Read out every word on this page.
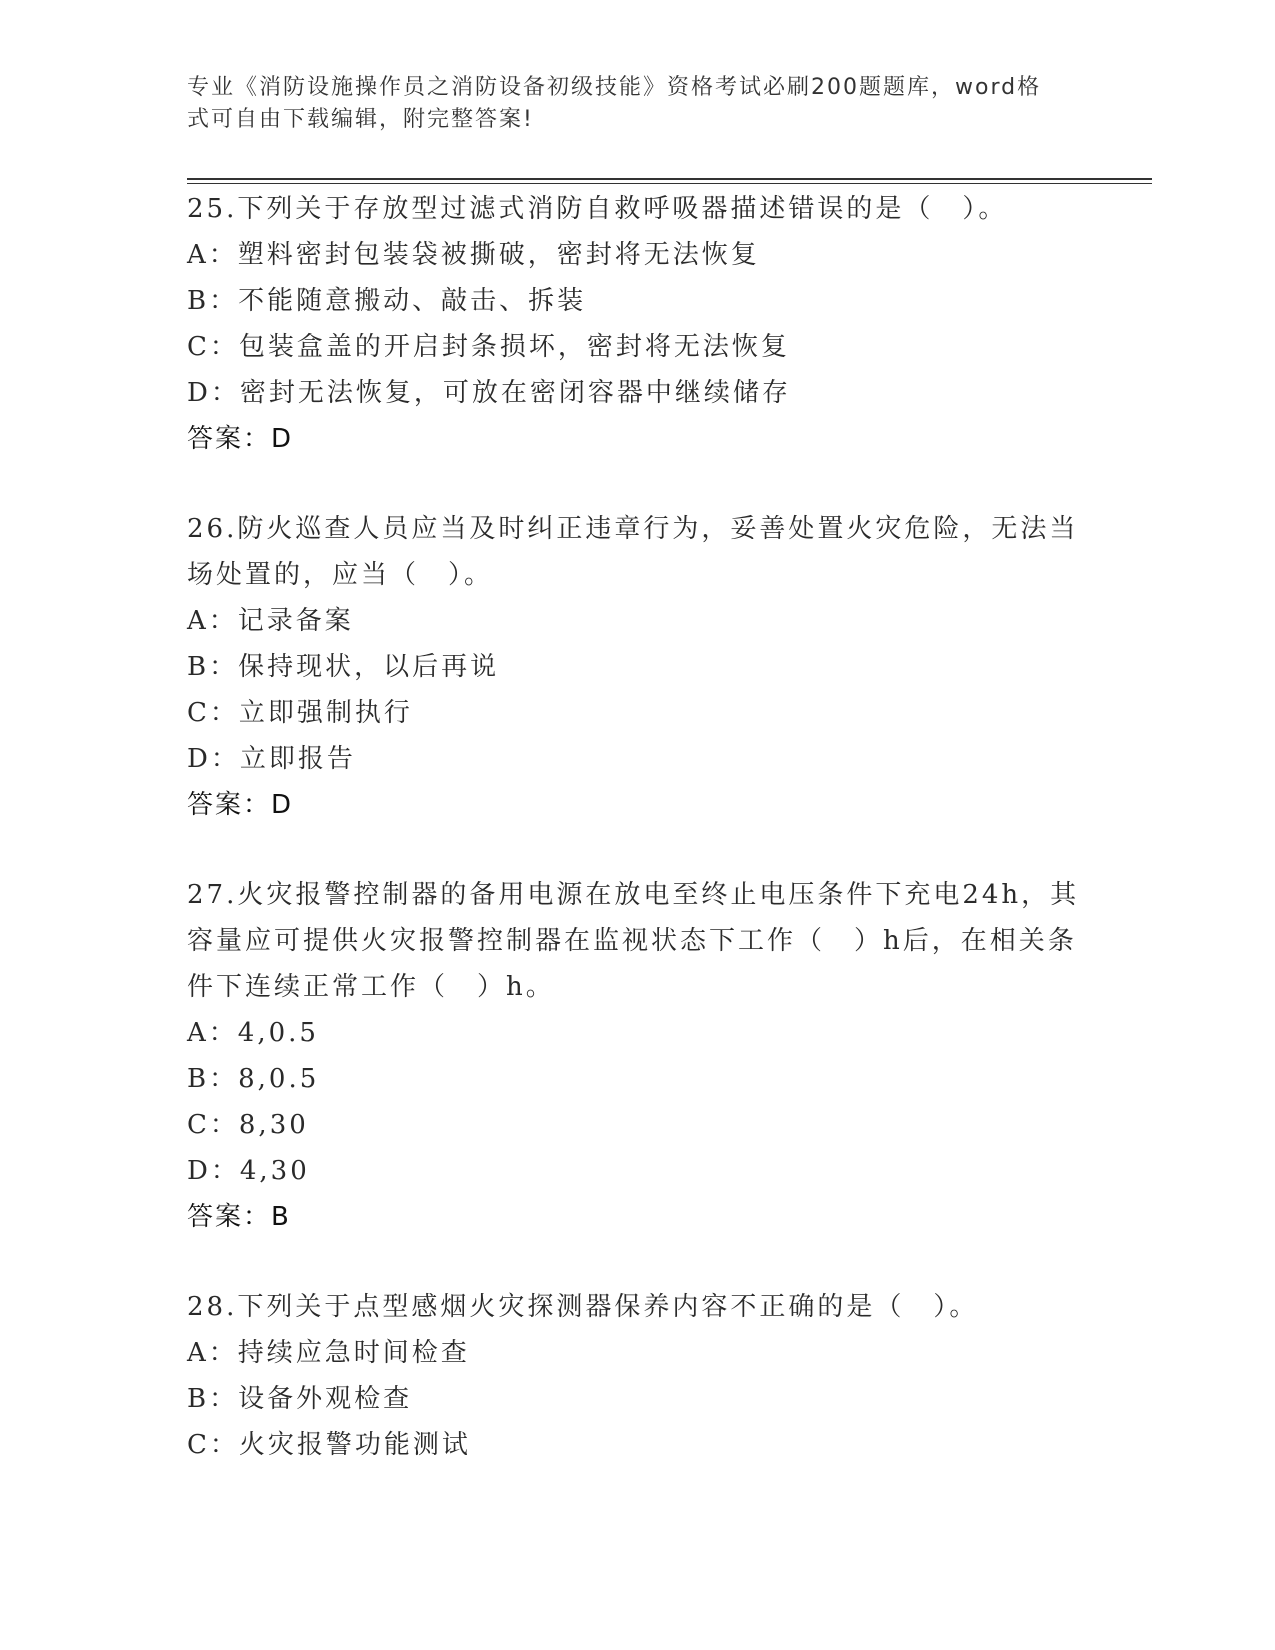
专业《消防设施操作员之消防设备初级技能》资格考试必刷200题题库，word格

式可自由下载编辑，附完整答案!

25.下列关于存放型过滤式消防自救呼吸器描述错误的是（　）。

A：塑料密封包装袋被撕破，密封将无法恢复

B：不能随意搬动、敲击、拆装

C：包装盒盖的开启封条损坏，密封将无法恢复

D：密封无法恢复，可放在密闭容器中继续储存

答案：D

26.防火巡查人员应当及时纠正违章行为，妥善处置火灾危险，无法当

场处置的，应当（　）。

A：记录备案

B：保持现状，以后再说

C：立即强制执行

D：立即报告

答案：D

27.火灾报警控制器的备用电源在放电至终止电压条件下充电24h，其

容量应可提供火灾报警控制器在监视状态下工作（　）h后，在相关条

件下连续正常工作（　）h。

A：4,0.5

B：8,0.5

C：8,30

D：4,30

答案：B

28.下列关于点型感烟火灾探测器保养内容不正确的是（　）。

A：持续应急时间检查

B：设备外观检查

C：火灾报警功能测试
